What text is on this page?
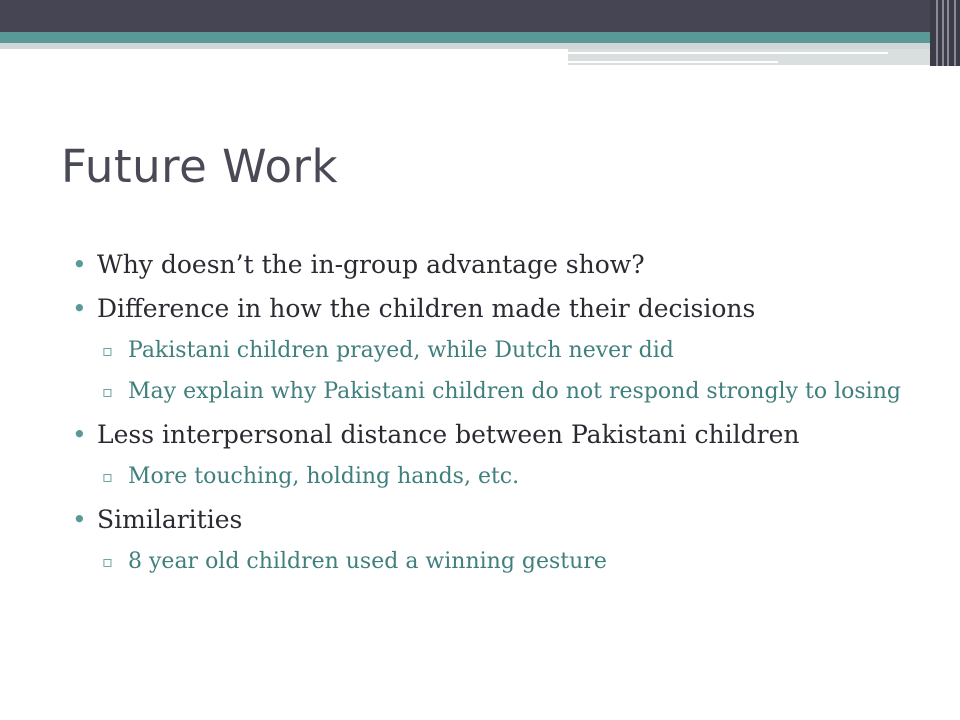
Future Work
• Why doesn’t the in-group advantage show?
• Difference in how the children made their decisions
▫ Pakistani children prayed, while Dutch never did
▫ May explain why Pakistani children do not respond strongly to losing
• Less interpersonal distance between Pakistani children
▫ More touching, holding hands, etc.
• Similarities
▫ 8 year old children used a winning gesture
